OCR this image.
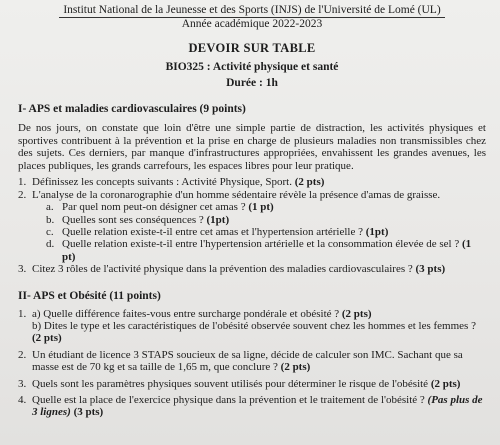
Institut National de la Jeunesse et des Sports (INJS) de l'Université de Lomé (UL)
Année académique 2022-2023
DEVOIR SUR TABLE
BIO325 : Activité physique et santé
Durée : 1h
I- APS et maladies cardiovasculaires (9 points)
De nos jours, on constate que loin d'être une simple partie de distraction, les activités physiques et sportives contribuent à la prévention et la prise en charge de plusieurs maladies non transmissibles chez des sujets. Ces derniers, par manque d'infrastructures appropriées, envahissent les grandes avenues, les places publiques, les grands carrefours, les espaces libres pour leur pratique.
1. Définissez les concepts suivants : Activité Physique, Sport. (2 pts)
2. L'analyse de la coronarographie d'un homme sédentaire révèle la présence d'amas de graisse.
a. Par quel nom peut-on désigner cet amas ? (1 pt)
b. Quelles sont ses conséquences ? (1pt)
c. Quelle relation existe-t-il entre cet amas et l'hypertension artérielle ? (1pt)
d. Quelle relation existe-t-il entre l'hypertension artérielle et la consommation élevée de sel ? (1 pt)
3. Citez 3 rôles de l'activité physique dans la prévention des maladies cardiovasculaires ? (3 pts)
II- APS et Obésité (11 points)
1. a) Quelle différence faites-vous entre surcharge pondérale et obésité ? (2 pts)
b) Dites le type et les caractéristiques de l'obésité observée souvent chez les hommes et les femmes ? (2 pts)
2. Un étudiant de licence 3 STAPS soucieux de sa ligne, décide de calculer son IMC. Sachant que sa masse est de 70 kg et sa taille de 1,65 m, que conclure ? (2 pts)
3. Quels sont les paramètres physiques souvent utilisés pour déterminer le risque de l'obésité (2 pts)
4. Quelle est la place de l'exercice physique dans la prévention et le traitement de l'obésité ? (Pas plus de 3 lignes) (3 pts)
